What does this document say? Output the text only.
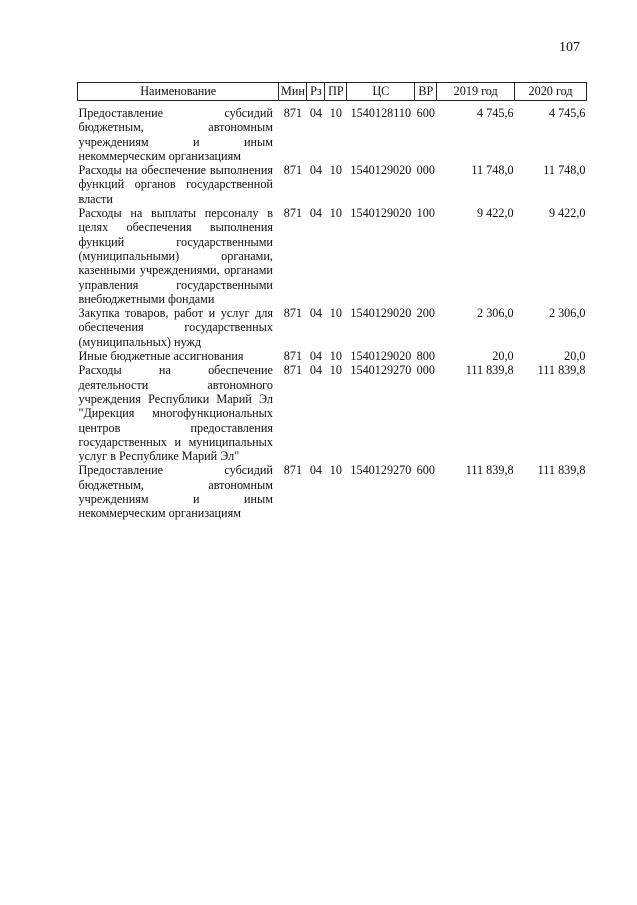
107
Наименование	Мин	Рз	ПР	ЦС	ВР	2019 год	2020 год

Предоставление субсидий бюджетным, автономным учреждениям и иным некоммерческим организациям	871	04	10	1540128110	600	4 745,6	4 745,6
Расходы на обеспечение выполнения функций органов государственной власти	871	04	10	1540129020	000	11 748,0	11 748,0
Расходы на выплаты персоналу в целях обеспечения выполнения функций государственными (муниципальными) органами, казенными учреждениями, органами управления государственными внебюджетными фондами	871	04	10	1540129020	100	9 422,0	9 422,0
Закупка товаров, работ и услуг для обеспечения государственных (муниципальных) нужд	871	04	10	1540129020	200	2 306,0	2 306,0
Иные бюджетные ассигнования	871	04	10	1540129020	800	20,0	20,0
Расходы на обеспечение деятельности автономного учреждения Республики Марий Эл "Дирекция многофункциональных центров предоставления государственных и муниципальных услуг в Республике Марий Эл"	871	04	10	1540129270	000	111 839,8	111 839,8
Предоставление субсидий бюджетным, автономным учреждениям и иным некоммерческим организациям	871	04	10	1540129270	600	111 839,8	111 839,8
